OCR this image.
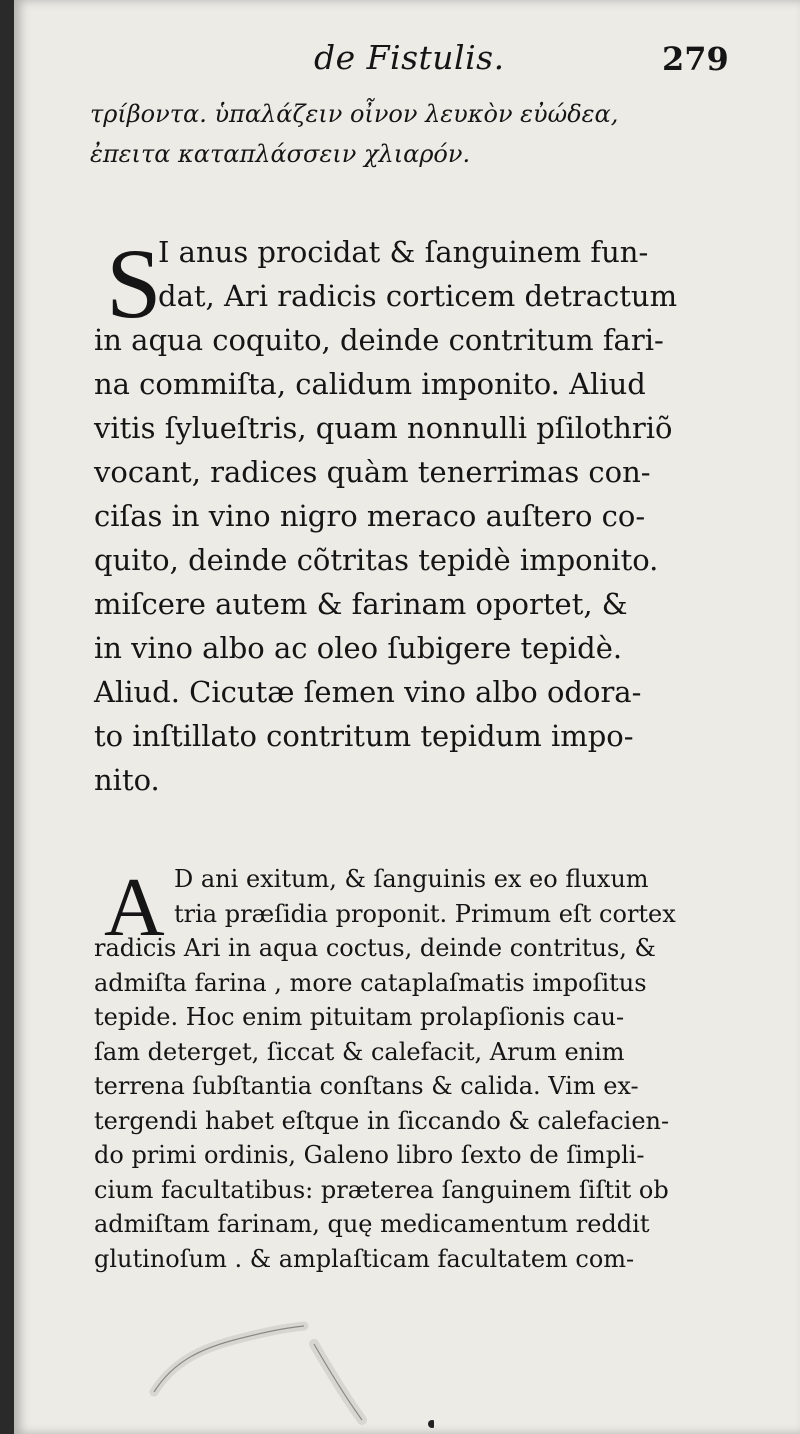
de Fistulis.	279
τρίβοντα. ὑπαλάζειν οἶνον λευκὸν εὐώδεα,
ἐπειτα καταπλάσσειν χλιαρόν.
S
I anus procidat & ſanguinem fun-
dat, Ari radicis corticem detractum
in aqua coquito, deinde contritum fari-
na commiſta, calidum imponito. Aliud
vitis ſylueſtris, quam nonnulli pſilothriõ
vocant, radices quàm tenerrimas con-
ciſas in vino nigro meraco auſtero co-
quito, deinde cõtritas tepidè imponito.
miſcere autem & farinam oportet, &
in vino albo ac oleo ſubigere tepidè.
Aliud. Cicutæ ſemen vino albo odora-
to inſtillato contritum tepidum impo-
nito.
A D ani exitum, & ſanguinis ex eo fluxum
tria præſidia proponit. Primum eſt cortex
radicis Ari in aqua coctus, deinde contritus, &
admiſta farina , more cataplaſmatis impoſitus
tepide. Hoc enim pituitam prolapſionis cau-
ſam deterget, ſiccat & calefacit, Arum enim
terrena ſubſtantia conſtans & calida. Vim ex-
tergendi habet eſtque in ſiccando & calefacien-
do primi ordinis, Galeno libro ſexto de ſimpli-
cium facultatibus: præterea ſanguinem ſiſtit ob
admiſtam farinam, quę medicamentum reddit
glutinoſum . & amplaſticam facultatem com-
